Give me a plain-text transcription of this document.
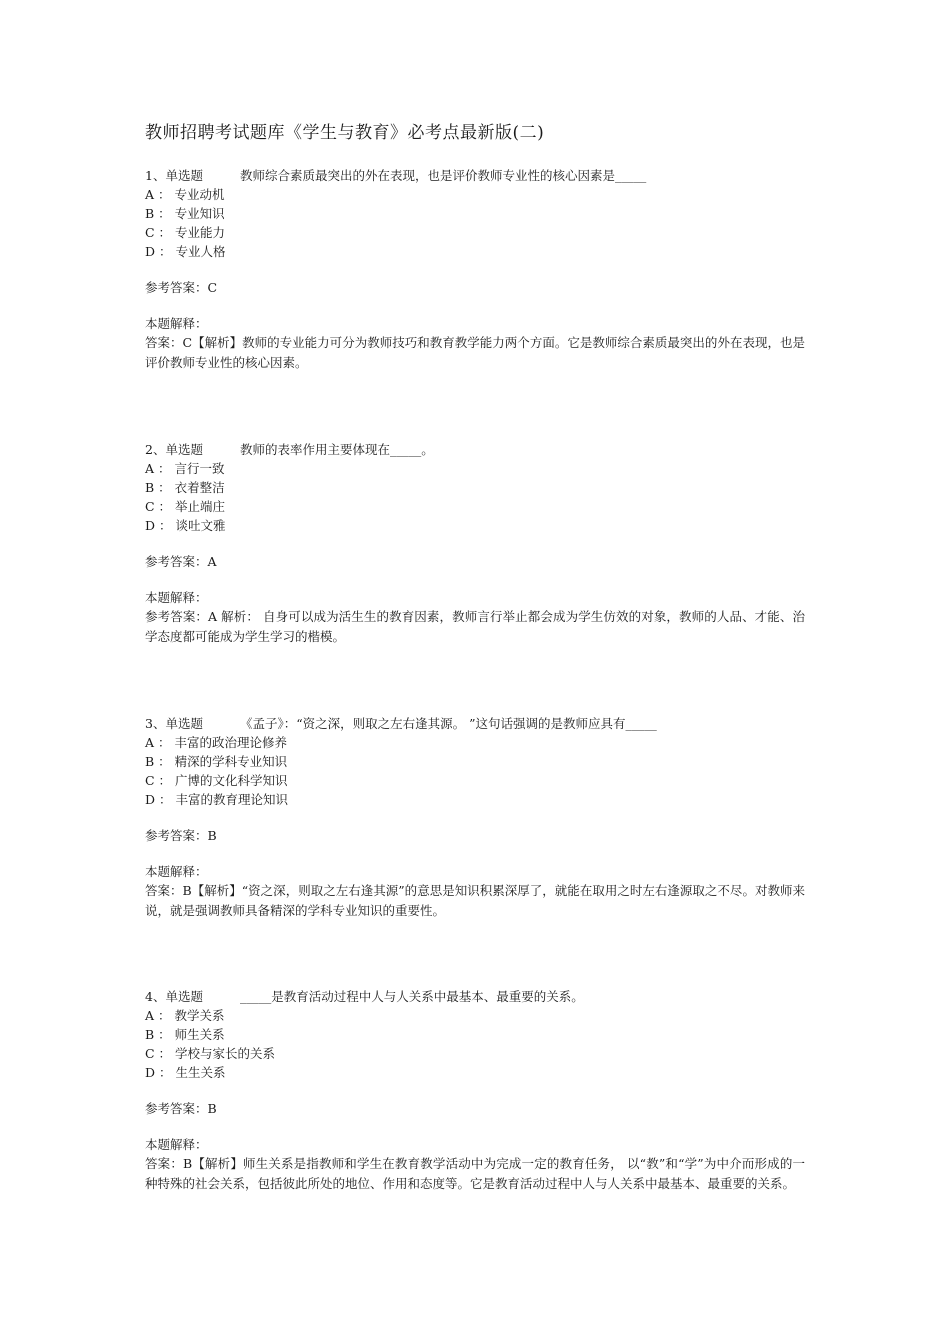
教师招聘考试题库《学生与教育》必考点最新版(二)
1、单选题	教师综合素质最突出的外在表现，也是评价教师专业性的核心因素是_____
A ： 专业动机
B ： 专业知识
C ： 专业能力
D ： 专业人格
参考答案：C
本题解释：
答案：C【解析】教师的专业能力可分为教师技巧和教育教学能力两个方面。它是教师综合素质最突出的外在表现，也是评价教师专业性的核心因素。
2、单选题	教师的表率作用主要体现在_____。
A ： 言行一致
B ： 衣着整洁
C ： 举止端庄
D ： 谈吐文雅
参考答案：A
本题解释：
参考答案：A 解析： 自身可以成为活生生的教育因素，教师言行举止都会成为学生仿效的对象，教师的人品、才能、治学态度都可能成为学生学习的楷模。
3、单选题	《孟子》：“资之深，则取之左右逢其源。 ”这句话强调的是教师应具有_____
A ： 丰富的政治理论修养
B ： 精深的学科专业知识
C ： 广博的文化科学知识
D ： 丰富的教育理论知识
参考答案：B
本题解释：
答案：B【解析】“资之深，则取之左右逢其源”的意思是知识积累深厚了，就能在取用之时左右逢源取之不尽。对教师来说，就是强调教师具备精深的学科专业知识的重要性。
4、单选题	_____是教育活动过程中人与人关系中最基本、最重要的关系。
A ： 教学关系
B ： 师生关系
C ： 学校与家长的关系
D ： 生生关系
参考答案：B
本题解释：
答案：B【解析】师生关系是指教师和学生在教育教学活动中为完成一定的教育任务， 以“教”和“学”为中介而形成的一种特殊的社会关系，包括彼此所处的地位、作用和态度等。它是教育活动过程中人与人关系中最基本、最重要的关系。
